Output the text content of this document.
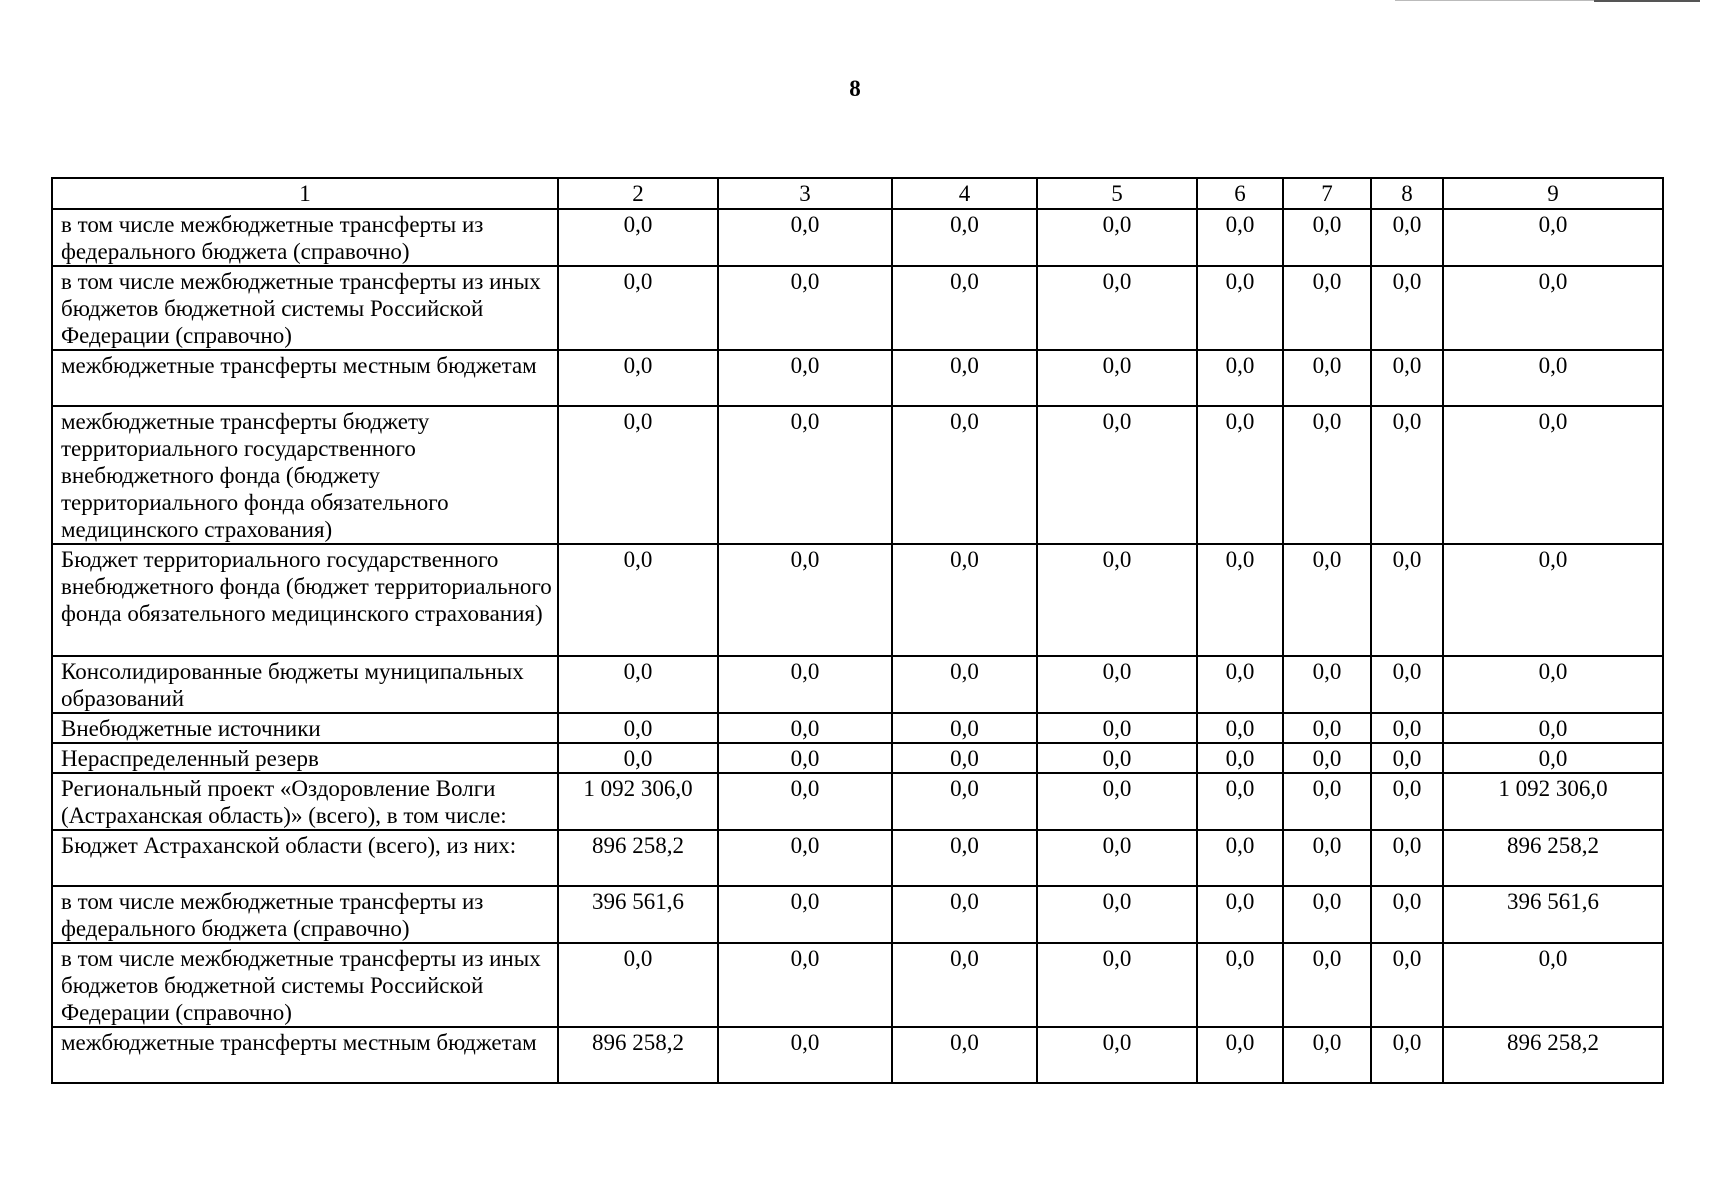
8
1	2	3	4	5	6	7	8	9
в том числе межбюджетные трансферты из федерального бюджета (справочно)	0,0	0,0	0,0	0,0	0,0	0,0	0,0	0,0
в том числе межбюджетные трансферты из иных бюджетов бюджетной системы Российской Федерации (справочно)	0,0	0,0	0,0	0,0	0,0	0,0	0,0	0,0
межбюджетные трансферты местным бюджетам	0,0	0,0	0,0	0,0	0,0	0,0	0,0	0,0
межбюджетные трансферты бюджету территориального государственного внебюджетного фонда (бюджету территориального фонда обязательного медицинского страхования)	0,0	0,0	0,0	0,0	0,0	0,0	0,0	0,0
Бюджет территориального государственного внебюджетного фонда (бюджет территориального фонда обязательного медицинского страхования)	0,0	0,0	0,0	0,0	0,0	0,0	0,0	0,0
Консолидированные бюджеты муниципальных образований	0,0	0,0	0,0	0,0	0,0	0,0	0,0	0,0
Внебюджетные источники	0,0	0,0	0,0	0,0	0,0	0,0	0,0	0,0
Нераспределенный резерв	0,0	0,0	0,0	0,0	0,0	0,0	0,0	0,0
Региональный проект «Оздоровление Волги (Астраханская область)» (всего), в том числе:	1 092 306,0	0,0	0,0	0,0	0,0	0,0	0,0	1 092 306,0
Бюджет Астраханской области (всего), из них:	896 258,2	0,0	0,0	0,0	0,0	0,0	0,0	896 258,2
в том числе межбюджетные трансферты из федерального бюджета (справочно)	396 561,6	0,0	0,0	0,0	0,0	0,0	0,0	396 561,6
в том числе межбюджетные трансферты из иных бюджетов бюджетной системы Российской Федерации (справочно)	0,0	0,0	0,0	0,0	0,0	0,0	0,0	0,0
межбюджетные трансферты местным бюджетам	896 258,2	0,0	0,0	0,0	0,0	0,0	0,0	896 258,2
